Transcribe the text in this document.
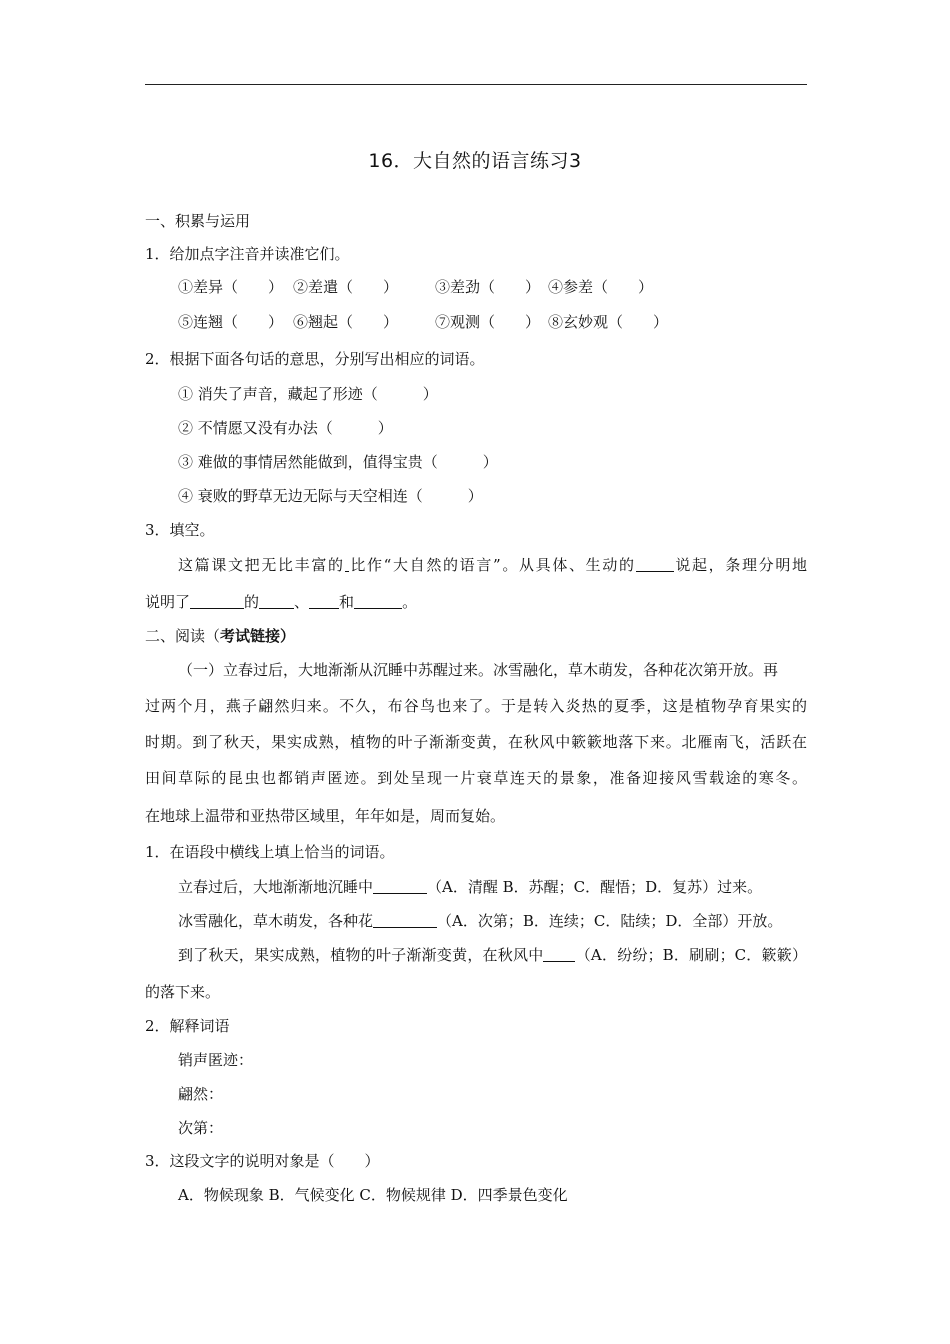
16．大自然的语言练习3
一、积累与运用
1．给加点字注音并读准它们。
①差异（　　） ②差遣（　　） ③差劲（　　） ④参差（　　）
⑤连翘（　　） ⑥翘起（　　） ⑦观测（　　） ⑧玄妙观（　　）
2．根据下面各句话的意思，分别写出相应的词语。
① 消失了声音，藏起了形迹（　　　）
② 不情愿又没有办法（　　　）
③ 难做的事情居然能做到，值得宝贵（　　　）
④ 衰败的野草无边无际与天空相连（　　　）
3．填空。
这篇课文把无比丰富的 比作“大自然的语言”。从具体、生动的	说起，条理分明地
说明了	的 、 和	。
二、阅读（考试链接）
（一）立春过后，大地渐渐从沉睡中苏醒过来。冰雪融化，草木萌发，各种花次第开放。再
过两个月，燕子翩然归来。不久，布谷鸟也来了。于是转入炎热的夏季，这是植物孕育果实的
时期。到了秋天，果实成熟，植物的叶子渐渐变黄，在秋风中簌簌地落下来。北雁南飞，活跃在
田间草际的昆虫也都销声匿迹。到处呈现一片衰草连天的景象，准备迎接风雪载途的寒冬。
在地球上温带和亚热带区域里，年年如是，周而复始。
1．在语段中横线上填上恰当的词语。
立春过后，大地渐渐地沉睡中	（A．清醒 B．苏醒；C．醒悟；D．复苏）过来。
冰雪融化，草木萌发，各种花	（A．次第；B．连续；C．陆续；D．全部）开放。
到了秋天，果实成熟，植物的叶子渐渐变黄，在秋风中 （A．纷纷；B．刷刷；C．簌簌）
的落下来。
2．解释词语
销声匿迹：
翩然：
次第：
3．这段文字的说明对象是（　　）
A．物候现象 B．气候变化 C．物候规律 D．四季景色变化
